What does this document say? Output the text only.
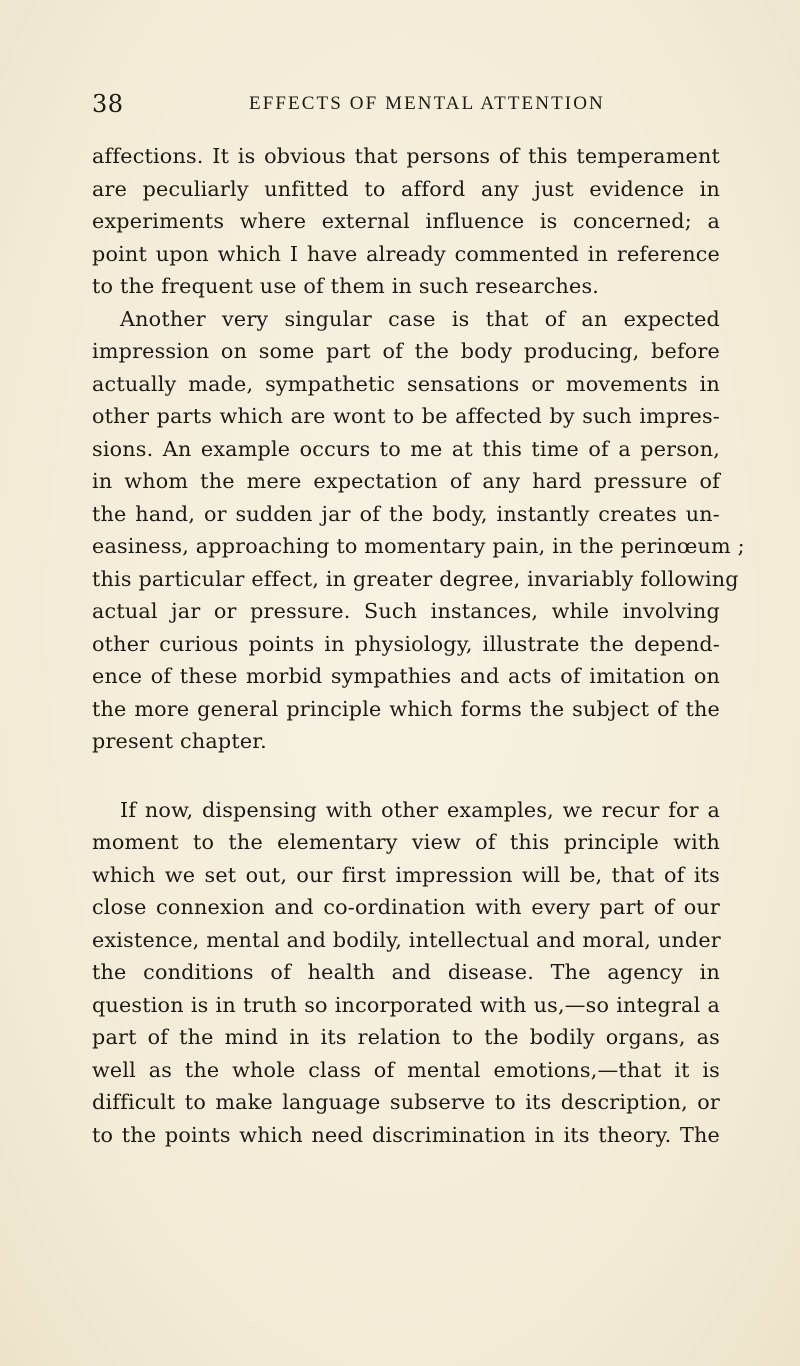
38	EFFECTS OF MENTAL ATTENTION
affections. It is obvious that persons of this temperament
are peculiarly unfitted to afford any just evidence in
experiments where external influence is concerned; a
point upon which I have already commented in reference
to the frequent use of them in such researches.
Another very singular case is that of an expected
impression on some part of the body producing, before
actually made, sympathetic sensations or movements in
other parts which are wont to be affected by such impres-
sions. An example occurs to me at this time of a person,
in whom the mere expectation of any hard pressure of
the hand, or sudden jar of the body, instantly creates un-
easiness, approaching to momentary pain, in the perinœum ;
this particular effect, in greater degree, invariably following
actual jar or pressure. Such instances, while involving
other curious points in physiology, illustrate the depend-
ence of these morbid sympathies and acts of imitation on
the more general principle which forms the subject of the
present chapter.
If now, dispensing with other examples, we recur for a
moment to the elementary view of this principle with
which we set out, our first impression will be, that of its
close connexion and co-ordination with every part of our
existence, mental and bodily, intellectual and moral, under
the conditions of health and disease. The agency in
question is in truth so incorporated with us,—so integral a
part of the mind in its relation to the bodily organs, as
well as the whole class of mental emotions,—that it is
difficult to make language subserve to its description, or
to the points which need discrimination in its theory. The
